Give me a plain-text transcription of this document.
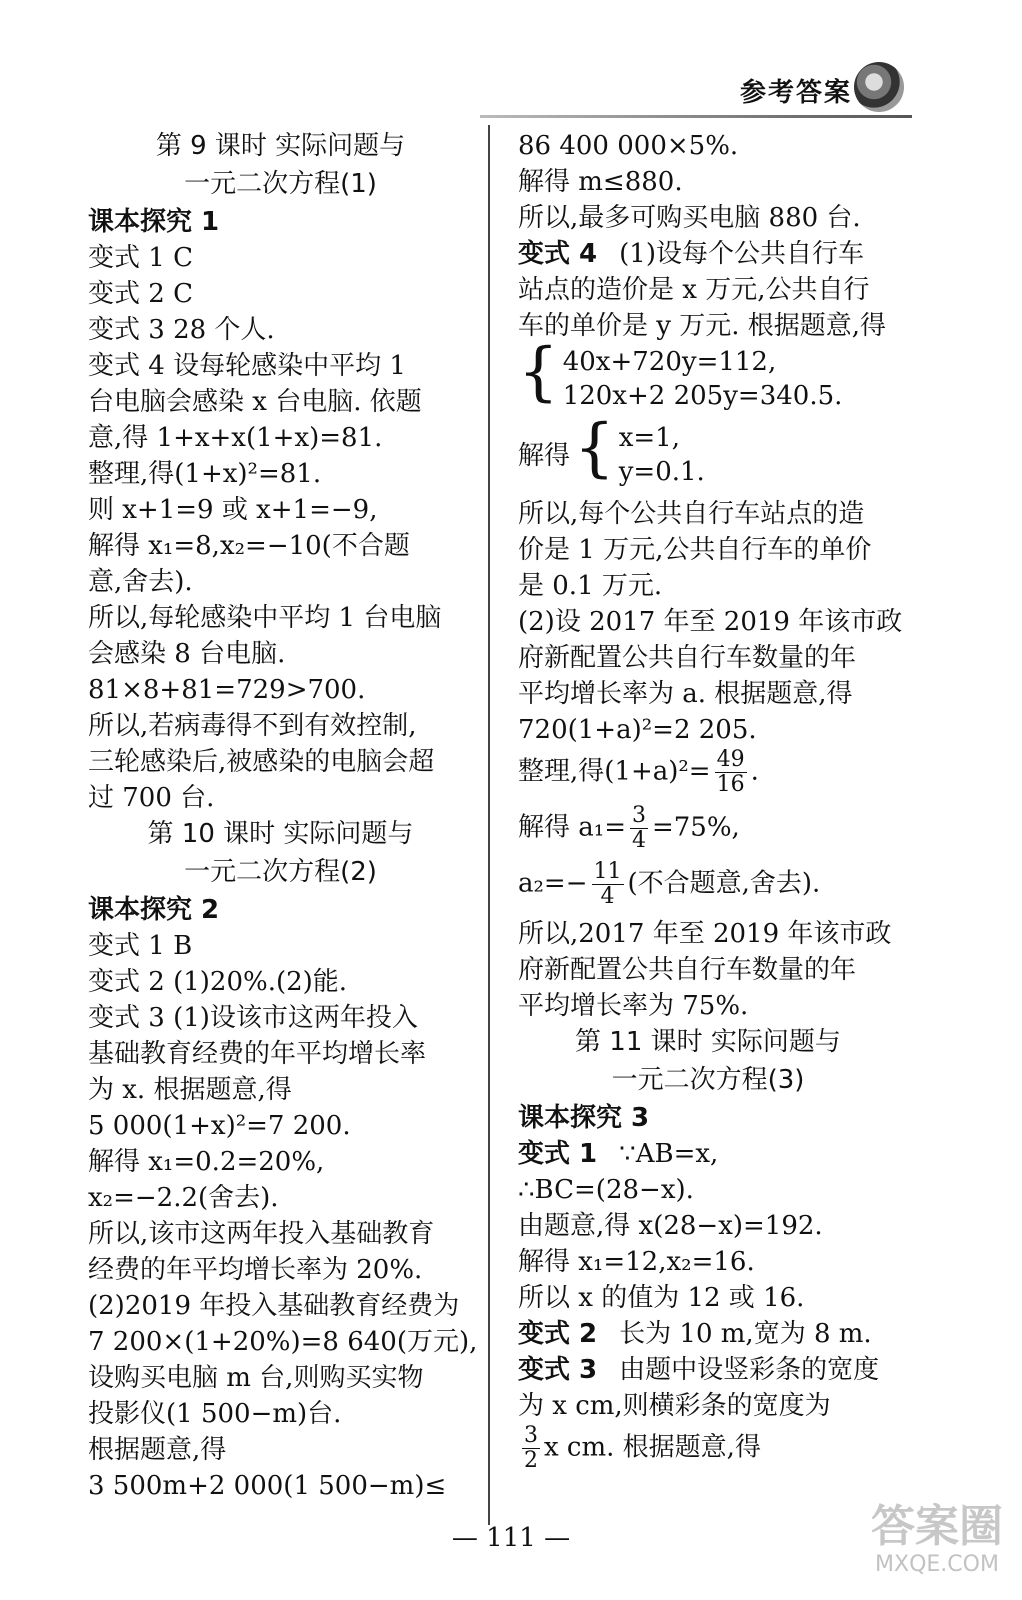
参考答案
第 9 课时 实际问题与
一元二次方程(1)
课本探究 1
变式 1 C
变式 2 C
变式 3 28 个人.
变式 4 设每轮感染中平均 1
台电脑会感染 x 台电脑. 依题
意,得 1+x+x(1+x)=81.
整理,得(1+x)²=81.
则 x+1=9 或 x+1=−9,
解得 x₁=8,x₂=−10(不合题
意,舍去).
所以,每轮感染中平均 1 台电脑
会感染 8 台电脑.
81×8+81=729>700.
所以,若病毒得不到有效控制,
三轮感染后,被感染的电脑会超
过 700 台.
第 10 课时 实际问题与
一元二次方程(2)
课本探究 2
变式 1 B
变式 2 (1)20%.(2)能.
变式 3 (1)设该市这两年投入
基础教育经费的年平均增长率
为 x. 根据题意,得
5 000(1+x)²=7 200.
解得 x₁=0.2=20%,
x₂=−2.2(舍去).
所以,该市这两年投入基础教育
经费的年平均增长率为 20%.
(2)2019 年投入基础教育经费为
7 200×(1+20%)=8 640(万元),
设购买电脑 m 台,则购买实物
投影仪(1 500−m)台.
根据题意,得
3 500m+2 000(1 500−m)≤
86 400 000×5%.
解得 m≤880.
所以,最多可购买电脑 880 台.
变式 4 (1)设每个公共自行车
站点的造价是 x 万元,公共自行
车的单价是 y 万元. 根据题意,得
{ 40x+720y=112,
120x+2 205y=340.5.
解得 { x=1,
y=0.1.
所以,每个公共自行车站点的造
价是 1 万元,公共自行车的单价
是 0.1 万元.
(2)设 2017 年至 2019 年该市政
府新配置公共自行车数量的年
平均增长率为 a. 根据题意,得
720(1+a)²=2 205.
整理,得$(1+a)^2= \frac{49}{16}$ .
解得 $a_1= \frac{3}{4} =75\%$,
$a_2=- \frac{11}{4}$ (不合题意,舍去).
所以,2017 年至 2019 年该市政
府新配置公共自行车数量的年
平均增长率为 75%.
第 11 课时 实际问题与
一元二次方程(3)
课本探究 3
变式 1 ∵AB=x,
∴BC=(28−x).
由题意,得 x(28−x)=192.
解得 x₁=12,x₂=16.
所以 x 的值为 12 或 16.
变式 2 长为 10 m,宽为 8 m.
变式 3 由题中设竖彩条的宽度
为 x cm,则横彩条的宽度为
$\frac{3}{2}$ x cm. 根据题意,得
— 111 —	答案圈
MXQE.COM
